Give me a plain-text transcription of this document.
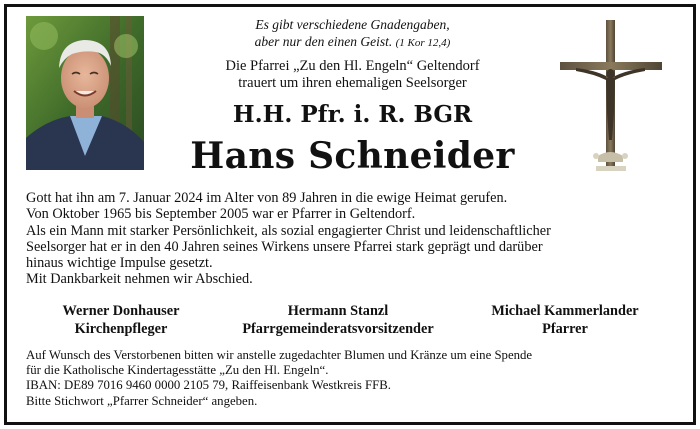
Es gibt verschiedene Gnadengaben,
aber nur den einen Geist. (1 Kor 12,4)
Die Pfarrei „Zu den Hl. Engeln“ Geltendorf
trauert um ihren ehemaligen Seelsorger
H.H. Pfr. i. R. BGR
Hans Schneider

Gott hat ihn am 7. Januar 2024 im Alter von 89 Jahren in die ewige Heimat gerufen.

Von Oktober 1965 bis September 2005 war er Pfarrer in Geltendorf.

Als ein Mann mit starker Persönlichkeit, als sozial engagierter Christ und leidenschaftlicher

Seelsorger hat er in den 40 Jahren seines Wirkens unsere Pfarrei stark geprägt und darüber

hinaus wichtige Impulse gesetzt.

Mit Dankbarkeit nehmen wir Abschied.

Werner Donhauser
Kirchenpfleger
Hermann Stanzl
Pfarrgemeinderatsvorsitzender
Michael Kammerlander
Pfarrer

Auf Wunsch des Verstorbenen bitten wir anstelle zugedachter Blumen und Kränze um eine Spende

für die Katholische Kindertagesstätte „Zu den Hl. Engeln“.

IBAN: DE89 7016 9460 0000 2105 79, Raiffeisenbank Westkreis FFB.

Bitte Stichwort „Pfarrer Schneider“ angeben.
